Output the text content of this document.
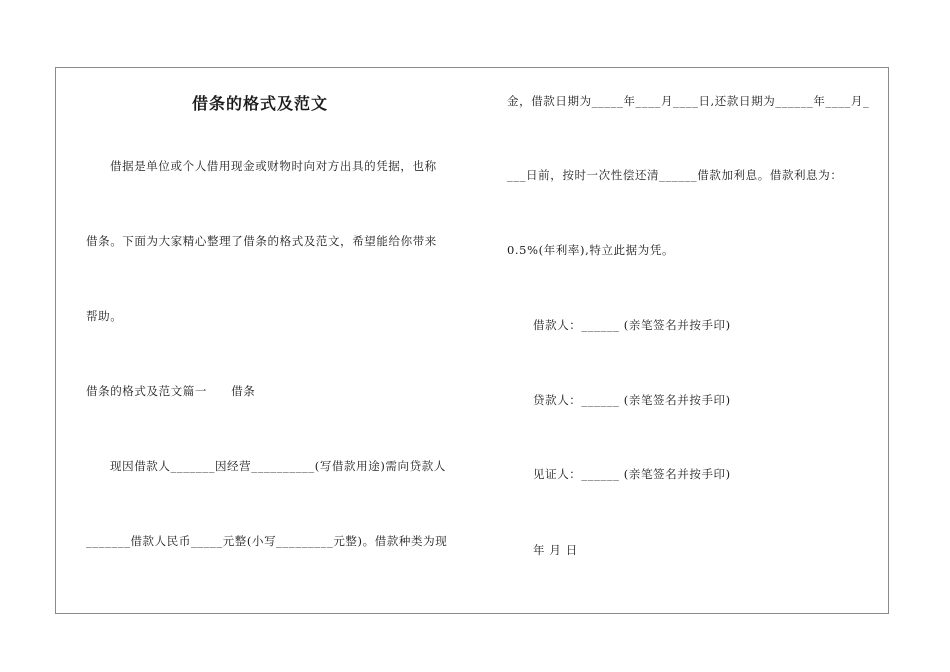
借条的格式及范文
借据是单位或个人借用现金或财物时向对方出具的凭据，也称
借条。下面为大家精心整理了借条的格式及范文，希望能给你带来
帮助。
借条的格式及范文篇一　　借条
现因借款人_______因经营__________(写借款用途)需向贷款人
_______借款人民币_____元整(小写_________元整)。借款种类为现
金，借款日期为_____年____月____日,还款日期为______年____月_
___日前，按时一次性偿还清______借款加利息。借款利息为：
0.5%(年利率),特立此据为凭。
借款人：______ (亲笔签名并按手印)
贷款人：______ (亲笔签名并按手印)
见证人：______ (亲笔签名并按手印)
年 月 日
